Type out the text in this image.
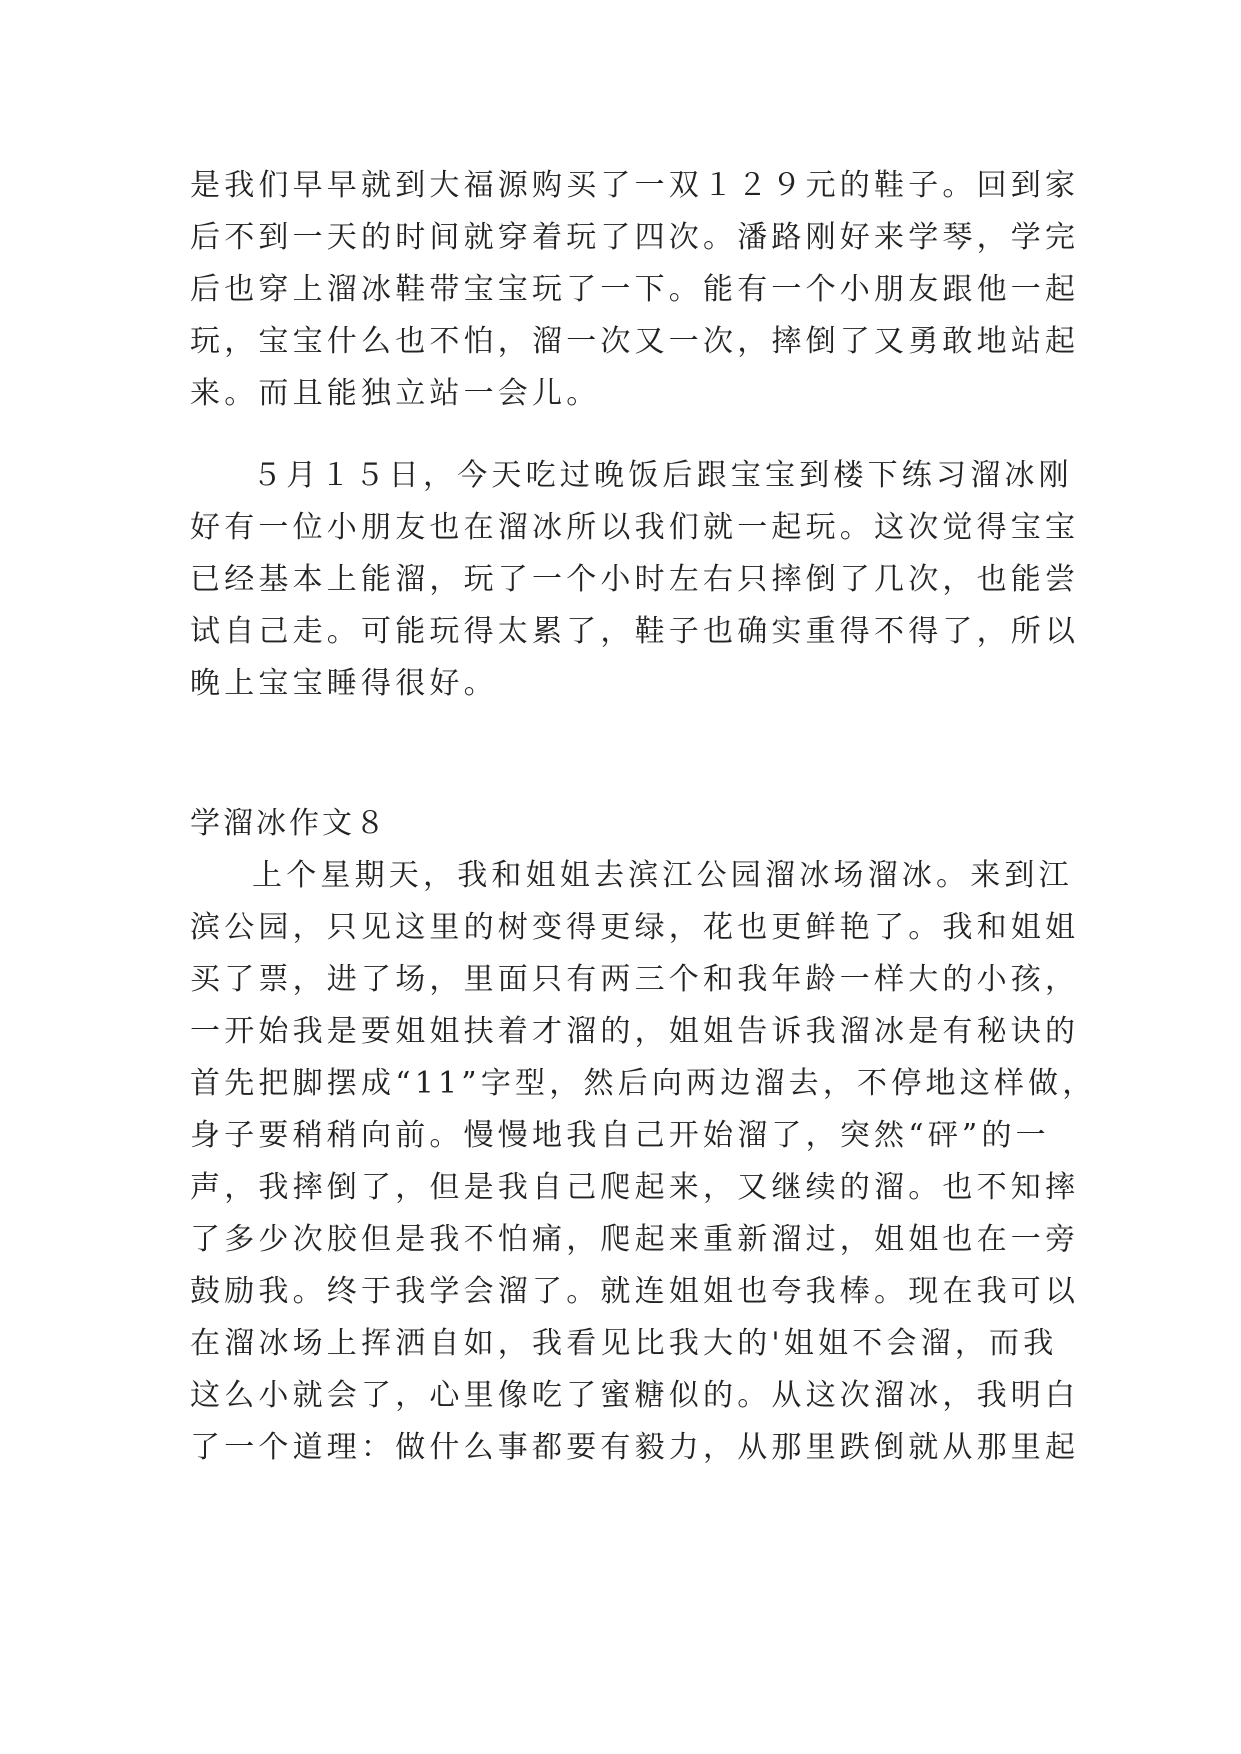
是我们早早就到大福源购买了一双１２９元的鞋子。回到家
后不到一天的时间就穿着玩了四次。潘路刚好来学琴，学完
后也穿上溜冰鞋带宝宝玩了一下。能有一个小朋友跟他一起
玩，宝宝什么也不怕，溜一次又一次，摔倒了又勇敢地站起
来。而且能独立站一会儿。
５月１５日，今天吃过晚饭后跟宝宝到楼下练习溜冰刚
好有一位小朋友也在溜冰所以我们就一起玩。这次觉得宝宝
已经基本上能溜，玩了一个小时左右只摔倒了几次，也能尝
试自己走。可能玩得太累了，鞋子也确实重得不得了，所以
晚上宝宝睡得很好。
学溜冰作文８
上个星期天，我和姐姐去滨江公园溜冰场溜冰。来到江
滨公园，只见这里的树变得更绿，花也更鲜艳了。我和姐姐
买了票，进了场，里面只有两三个和我年龄一样大的小孩，
一开始我是要姐姐扶着才溜的，姐姐告诉我溜冰是有秘诀的
首先把脚摆成“11”字型，然后向两边溜去，不停地这样做，
身子要稍稍向前。慢慢地我自己开始溜了，突然“砰”的一
声，我摔倒了，但是我自己爬起来，又继续的溜。也不知摔
了多少次胶但是我不怕痛，爬起来重新溜过，姐姐也在一旁
鼓励我。终于我学会溜了。就连姐姐也夸我棒。现在我可以
在溜冰场上挥洒自如，我看见比我大的'姐姐不会溜，而我
这么小就会了，心里像吃了蜜糖似的。从这次溜冰，我明白
了一个道理：做什么事都要有毅力，从那里跌倒就从那里起
